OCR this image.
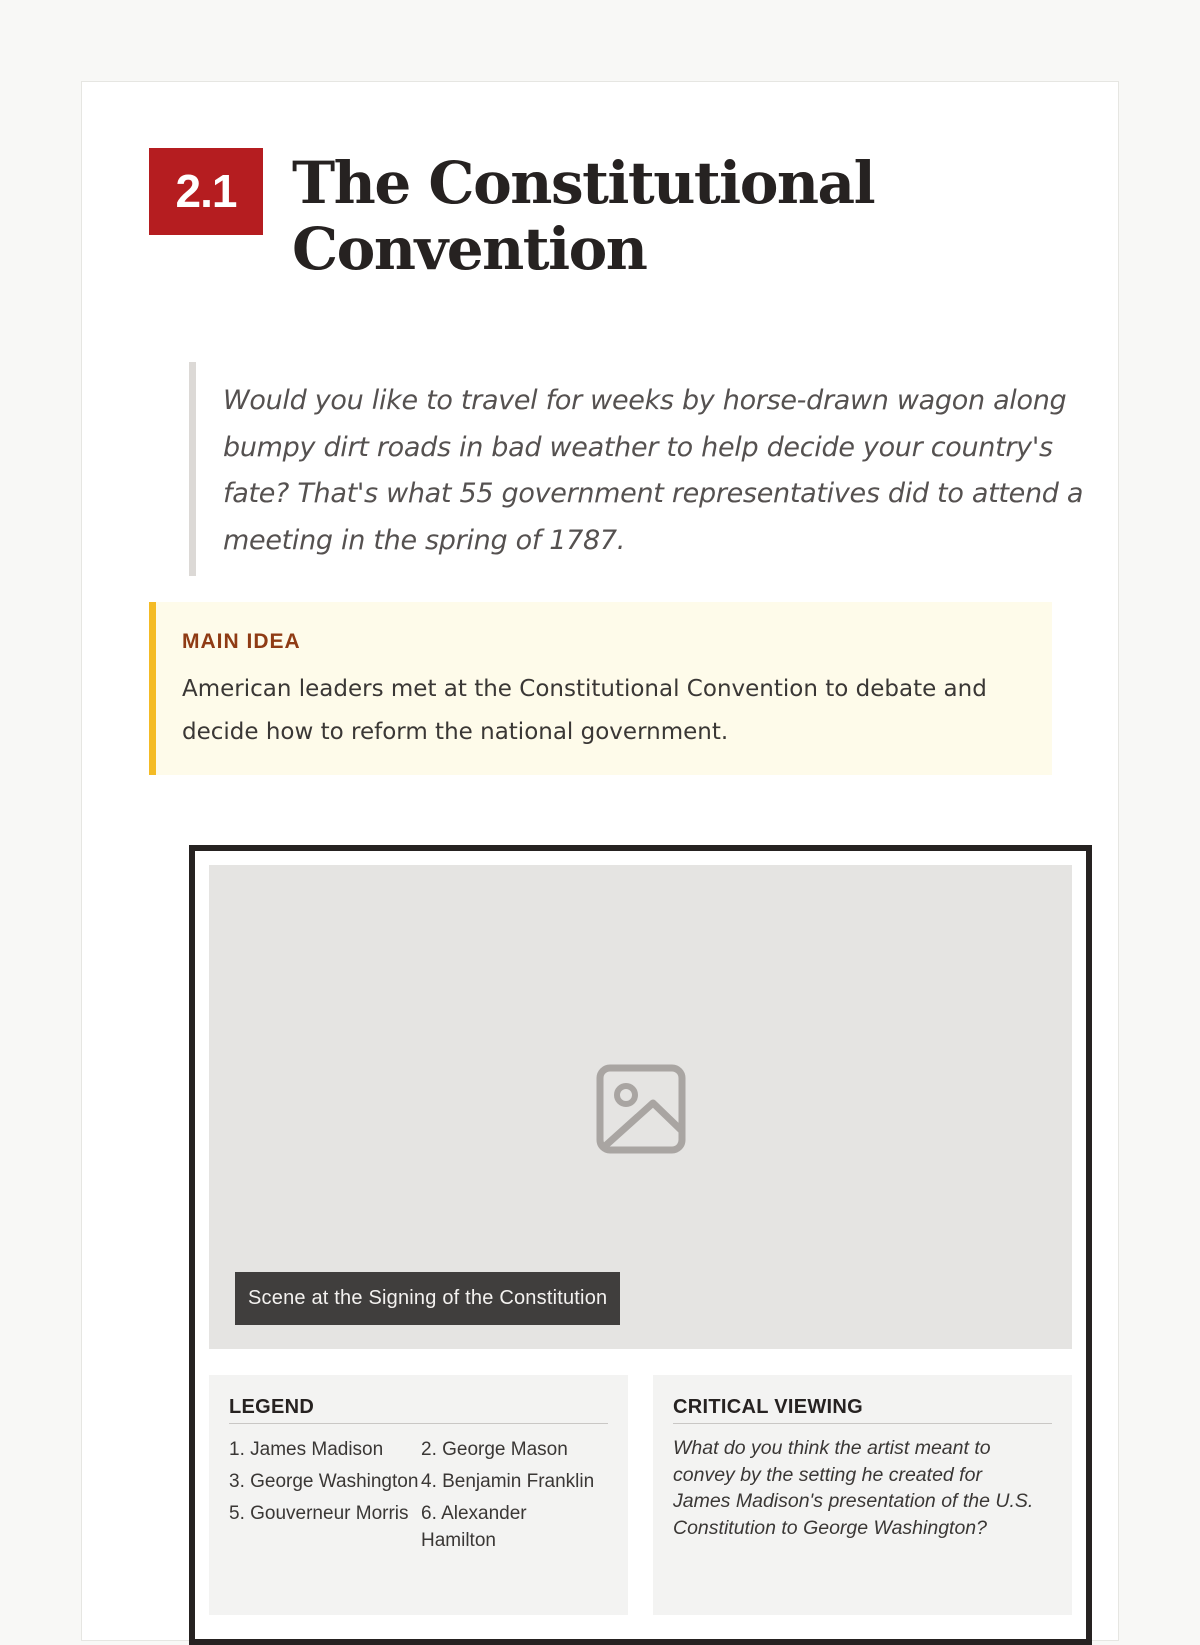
2.1 The Constitutional Convention
Would you like to travel for weeks by horse-drawn wagon along bumpy dirt roads in bad weather to help decide your country's fate? That's what 55 government representatives did to attend a meeting in the spring of 1787.
MAIN IDEA
American leaders met at the Constitutional Convention to debate and decide how to reform the national government.
Scene at the Signing of the Constitution
LEGEND
1. James Madison	2. George Mason
3. George Washington 4. Benjamin Franklin
5. Gouverneur Morris 6. Alexander Hamilton
CRITICAL VIEWING
What do you think the artist meant to convey by the setting he created for James Madison's presentation of the U.S. Constitution to George Washington?
